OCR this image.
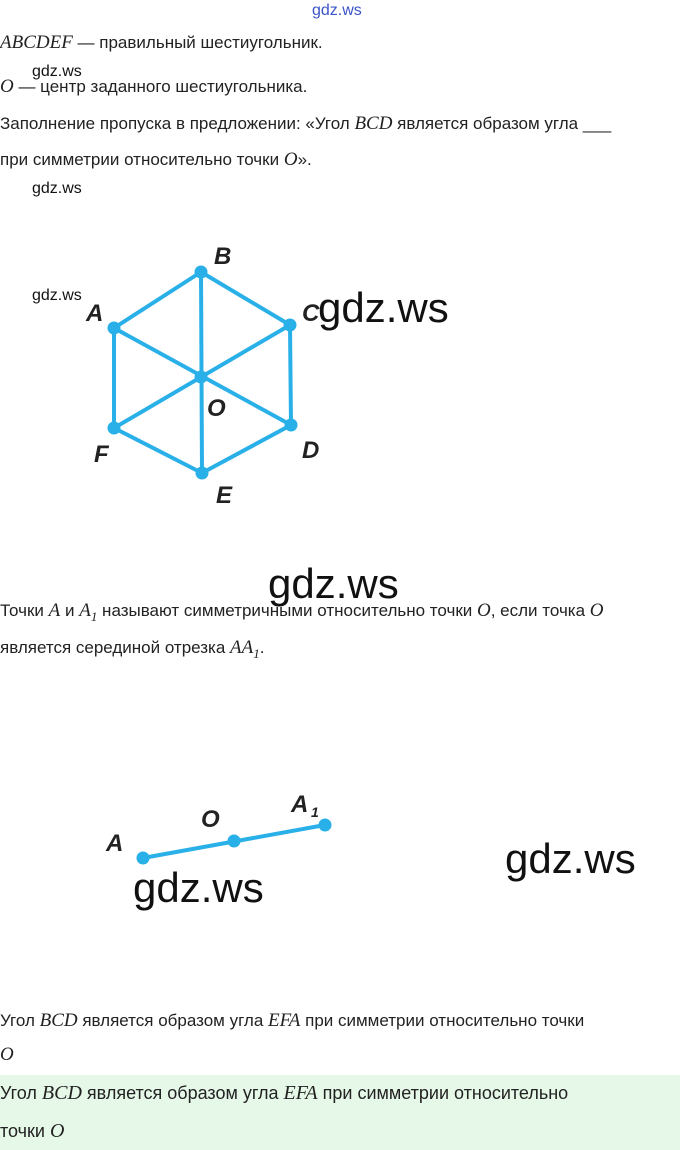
gdz.ws
gdz.ws
gdz.ws
gdz.ws
ABCDEF — правильный шестиугольник.
O — центр заданного шестиугольника.
Заполнение пропуска в предложении: «Угол BCD является образом угла ___
при симметрии относительно точки O».
B
C
D
E
F
A
O
gdz.ws
gdz.ws
Точки A и $A_1$ называют симметричными относительно точки O, если точка O
является серединой отрезка $AA_1$.
A
O
A 1
gdz.ws
gdz.ws
Угол BCD является образом угла EFA при симметрии относительно точки
O
Угол BCD является образом угла EFA при симметрии относительно
точки O
